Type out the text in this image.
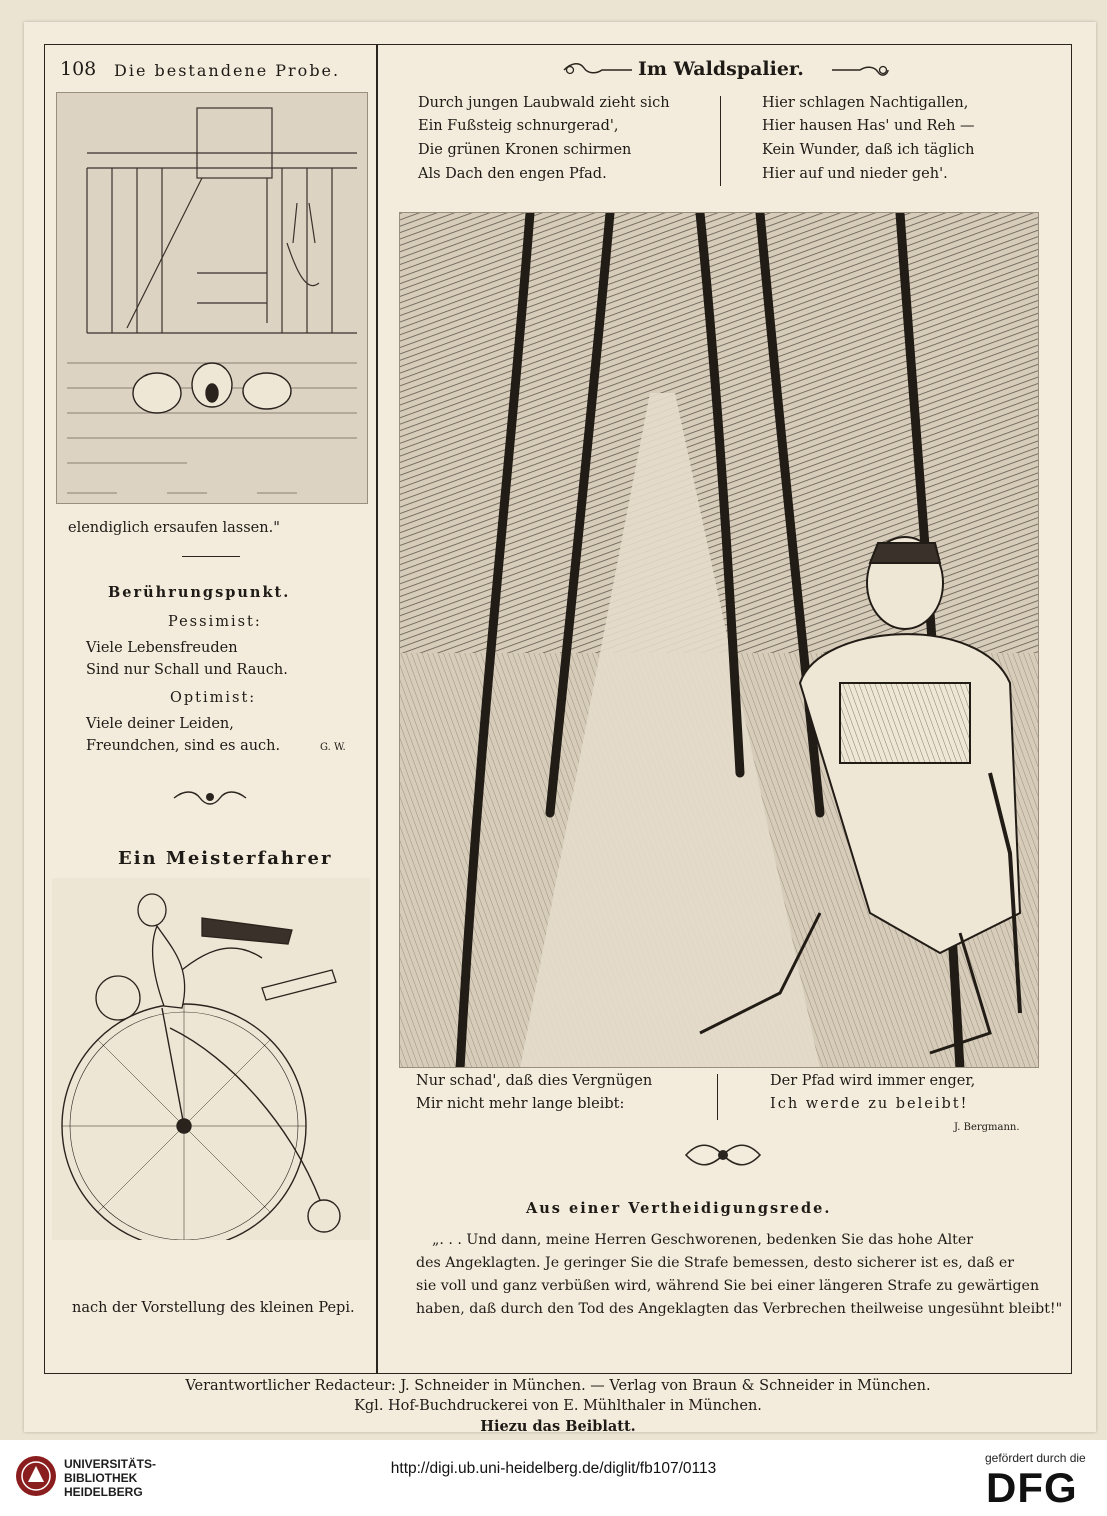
108 Die bestandene Probe.	Im Waldspalier.
elendiglich ersaufen lassen."
Berührungspunkt.
Pessimist:
Viele Lebensfreuden
Sind nur Schall und Rauch.
Optimist:
Viele deiner Leiden,
Freundchen, sind es auch.	G. W.
Ein Meisterfahrer
nach der Vorstellung des kleinen Pepi.
Durch jungen Laubwald zieht sich
Ein Fußsteig schnurgerad',
Die grünen Kronen schirmen
Als Dach den engen Pfad.
Hier schlagen Nachtigallen,
Hier hausen Has' und Reh —
Kein Wunder, daß ich täglich
Hier auf und nieder geh'.
Nur schad', daß dies Vergnügen
Mir nicht mehr lange bleibt:
Der Pfad wird immer enger,
Ich werde zu beleibt!
J. Bergmann.
Aus einer Vertheidigungsrede.
„. . . Und dann, meine Herren Geschworenen, bedenken Sie das hohe Alter
des Angeklagten. Je geringer Sie die Strafe bemessen, desto sicherer ist es, daß er
sie voll und ganz verbüßen wird, während Sie bei einer längeren Strafe zu gewärtigen
haben, daß durch den Tod des Angeklagten das Verbrechen theilweise ungesühnt bleibt!"
Verantwortlicher Redacteur: J. Schneider in München. — Verlag von Braun & Schneider in München.
Kgl. Hof-Buchdruckerei von E. Mühlthaler in München.
Hiezu das Beiblatt.
UNIVERSITÄTS-
BIBLIOTHEK
HEIDELBERG
http://digi.ub.uni-heidelberg.de/diglit/fb107/0113
gefördert durch die
DFG
